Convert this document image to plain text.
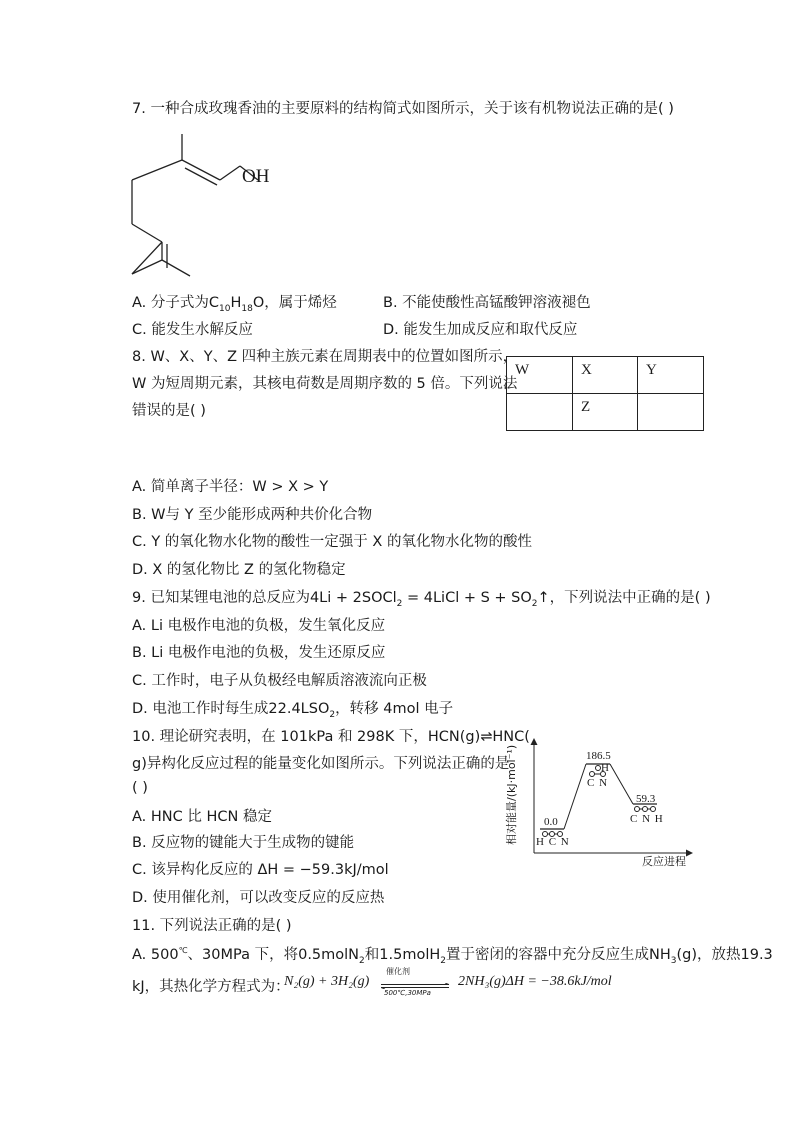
7. 一种合成玫瑰香油的主要原料的结构简式如图所示，关于该有机物说法正确的是( )
OH
A. 分子式为$C_{10}H_{18}O$，属于烯烃	B. 不能使酸性高锰酸钾溶液褪色
C. 能发生水解反应	D. 能发生加成反应和取代反应
8. W、X、Y、Z 四种主族元素在周期表中的位置如图所示，
W 为短周期元素，其核电荷数是周期序数的 5 倍。下列说法
错误的是( )
W	X	Y
	Z	
A. 简单离子半径：W > X > Y
B. W与 Y 至少能形成两种共价化合物
C. Y 的氧化物水化物的酸性一定强于 X 的氧化物水化物的酸性
D. X 的氢化物比 Z 的氢化物稳定
9. 已知某锂电池的总反应为4Li + 2SOCl$_2$ = 4LiCl + $S + SO_2↑$，下列说法中正确的是( )
A. Li 电极作电池的负极，发生氧化反应
B. Li 电极作电池的负极，发生还原反应
C. 工作时，电子从负极经电解质溶液流向正极
D. 电池工作时每生成$22.4LSO_2$，转移 4mol 电子
10. 理论研究表明，在 101kPa 和 298K 下，HCN(g)⇌HNC(
g)异构化反应过程的能量变化如图所示。下列说法正确的是
( )
A. HNC 比 HCN 稳定
B. 反应物的键能大于生成物的键能
C. 该异构化反应的 ΔH = −59.3kJ/mol
D. 使用催化剂，可以改变反应的反应热
相对能量/(kJ·mol⁻¹)
反应进程
0.0
H C N
186.5
H
C N
59.3
C N H
11. 下列说法正确的是( )
A. 500℃、30MPa 下，将0.5molN$_2$和1.5molH$_2$置于密闭的容器中充分反应生成$NH_3(g)$，放热19.3
kJ，其热化学方程式为：
N₂(g) + 3H₂(g)
催化剂
500℃,30MPa
2NH₃(g)ΔH = −38.6kJ/mol
